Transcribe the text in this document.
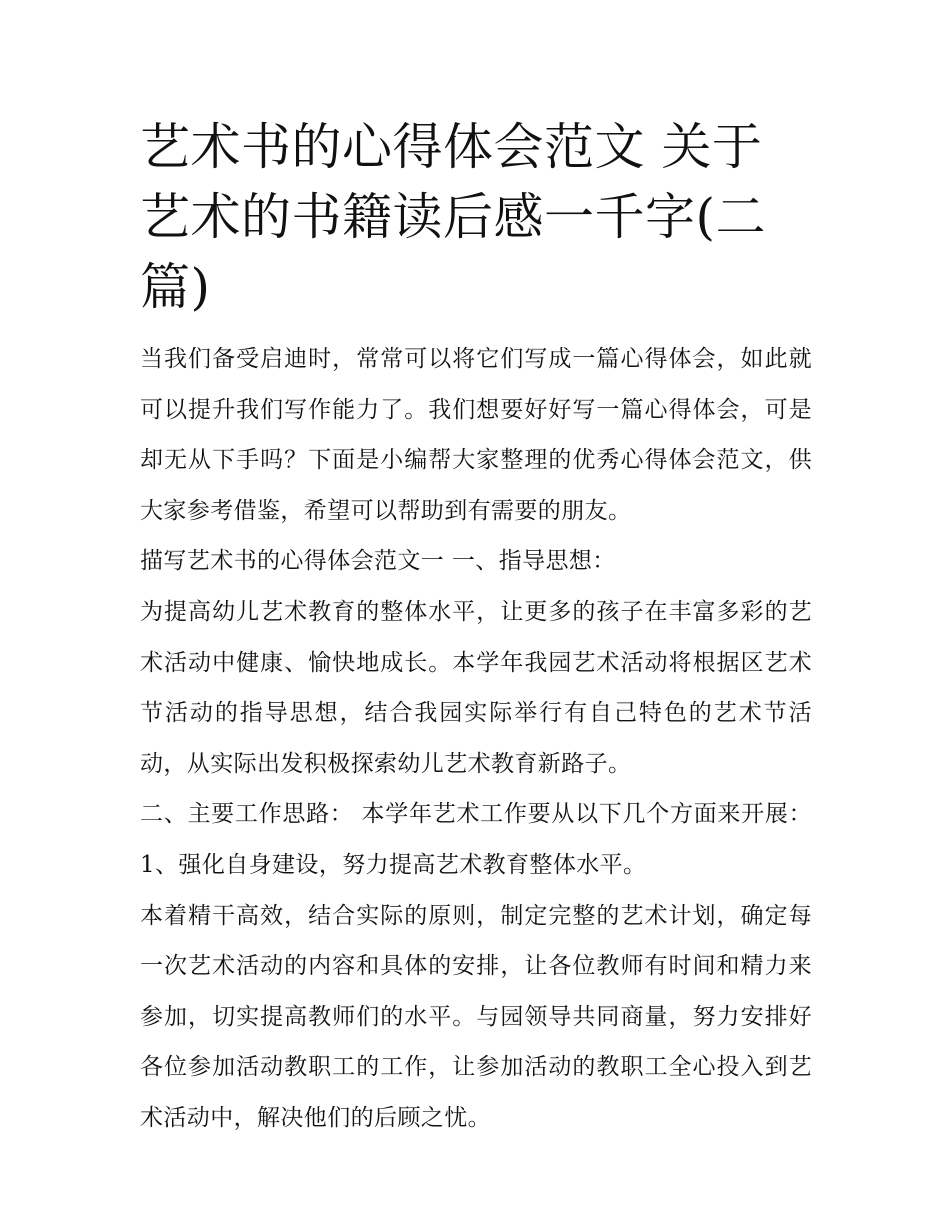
艺术书的心得体会范文 关于艺术的书籍读后感一千字(二篇)

当我们备受启迪时，常常可以将它们写成一篇心得体会，如此就可以提升我们写作能力了。我们想要好好写一篇心得体会，可是却无从下手吗？下面是小编帮大家整理的优秀心得体会范文，供大家参考借鉴，希望可以帮助到有需要的朋友。

描写艺术书的心得体会范文一 一、指导思想：

为提高幼儿艺术教育的整体水平，让更多的孩子在丰富多彩的艺术活动中健康、愉快地成长。本学年我园艺术活动将根据区艺术节活动的指导思想，结合我园实际举行有自己特色的艺术节活动，从实际出发积极探索幼儿艺术教育新路子。

二、主要工作思路： 本学年艺术工作要从以下几个方面来开展： 1、强化自身建设，努力提高艺术教育整体水平。

本着精干高效，结合实际的原则，制定完整的艺术计划，确定每一次艺术活动的内容和具体的安排，让各位教师有时间和精力来参加，切实提高教师们的水平。与园领导共同商量，努力安排好各位参加活动教职工的工作，让参加活动的教职工全心投入到艺术活动中，解决他们的后顾之忧。
